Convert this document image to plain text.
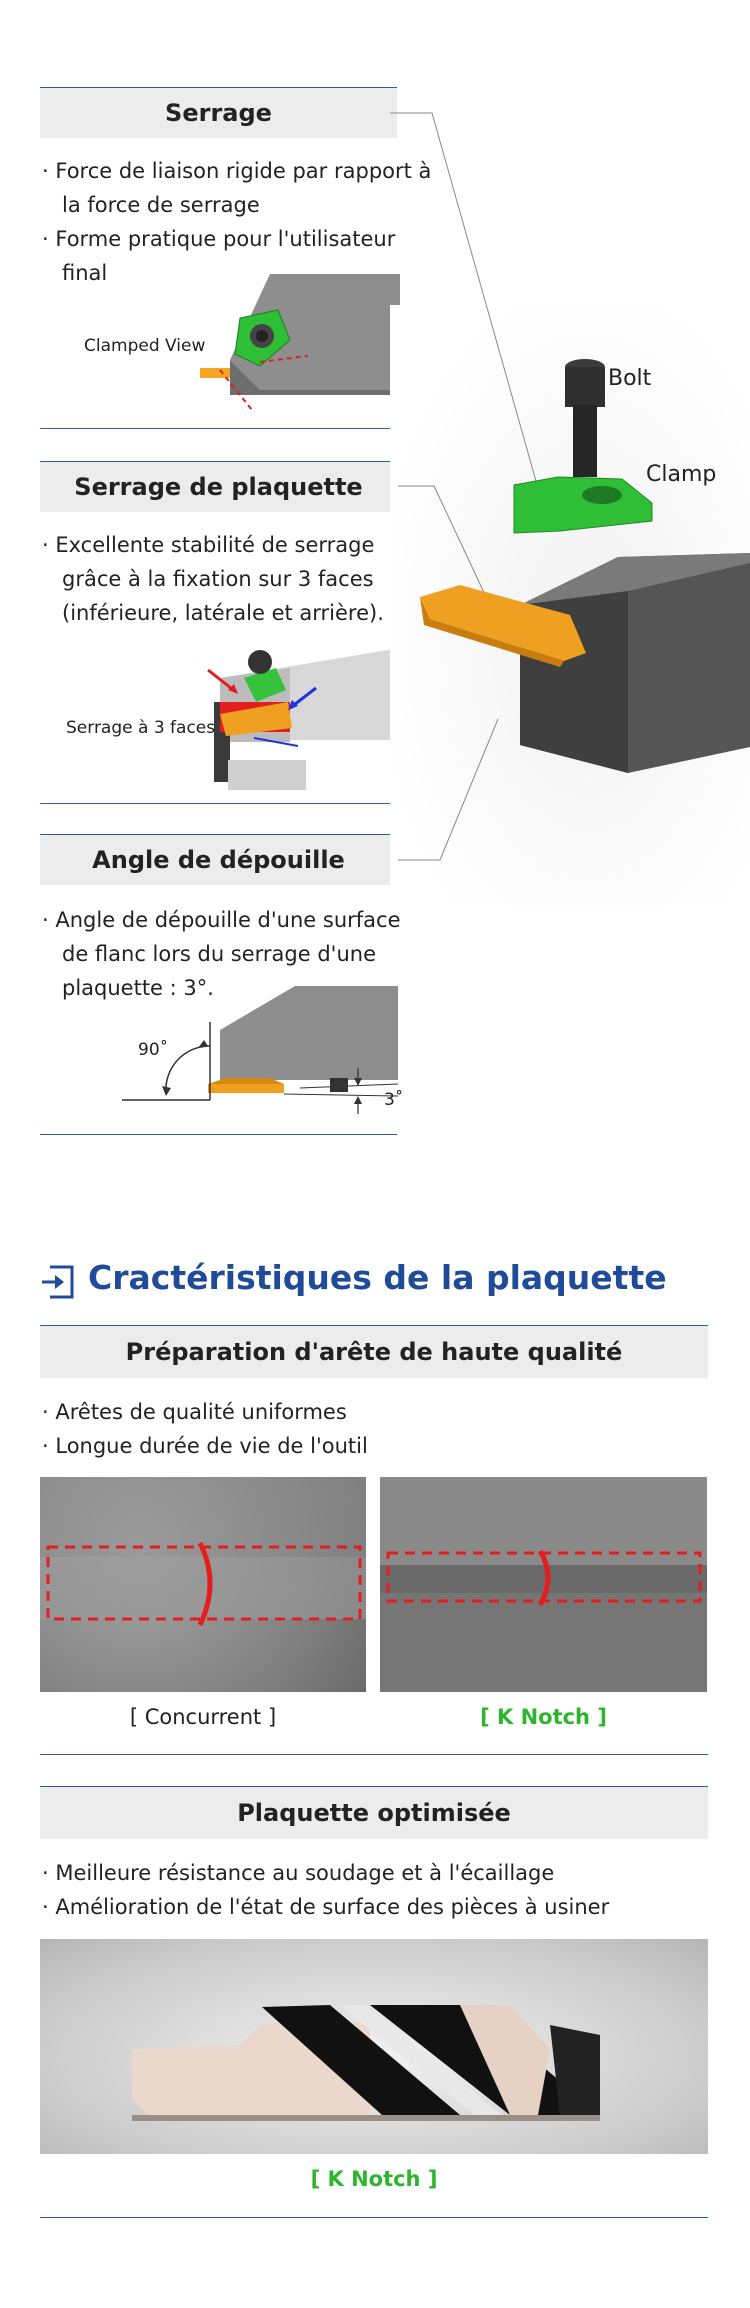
Serrage
· Force de liaison rigide par rapport à la force de serrage
· Forme pratique pour l'utilisateur final
Clamped View
Serrage de plaquette
· Excellente stabilité de serrage grâce à la fixation sur 3 faces (inférieure, latérale et arrière).
Serrage à 3 faces
Angle de dépouille
· Angle de dépouille d'une surface de flanc lors du serrage d'une plaquette : 3°.
90˚
3˚
Bolt
Clamp
Cractéristiques de la plaquette
Préparation d'arête de haute qualité
· Arêtes de qualité uniformes
· Longue durée de vie de l'outil
[ Concurrent ]	[ K Notch ]
Plaquette optimisée
· Meilleure résistance au soudage et à l'écaillage
· Amélioration de l'état de surface des pièces à usiner
[ K Notch ]
